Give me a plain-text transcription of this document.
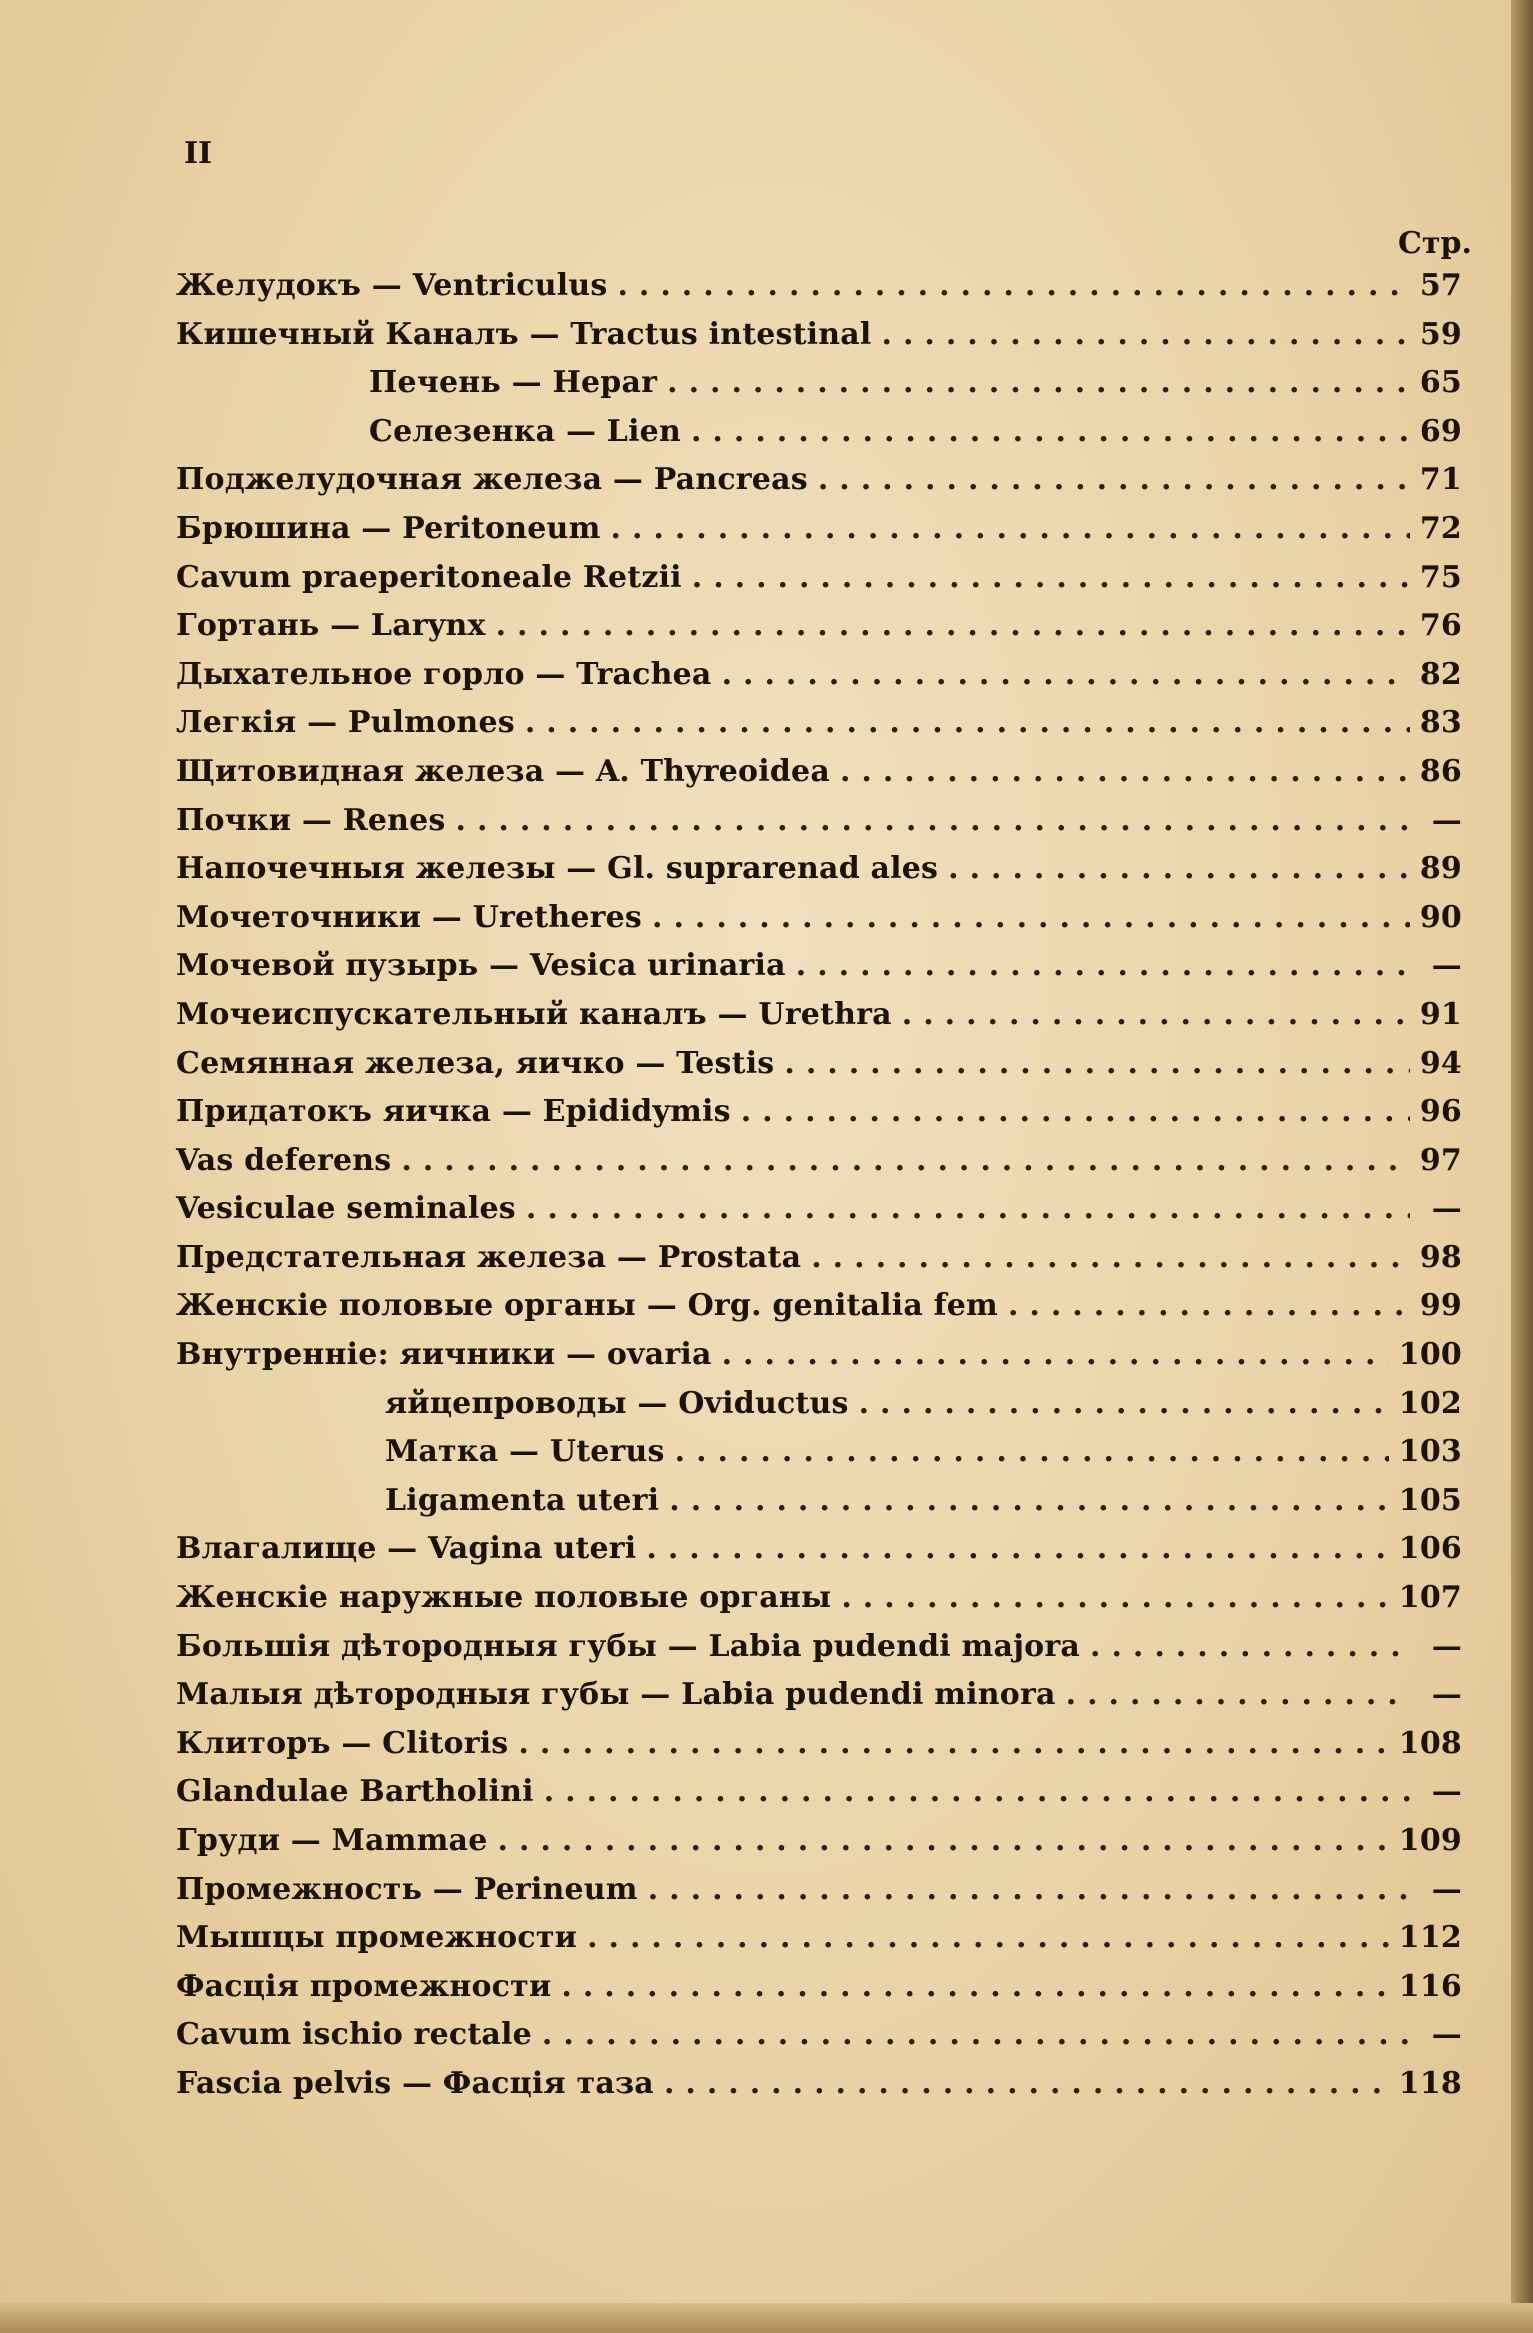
II
Стр.
Желудокъ — Ventriculus .....	57
Кишечный Каналъ — Tractus intestinal .....	59
Печень — Hepar .....	65
Селезенка — Lien .....	69
Поджелудочная железа — Pancreas .....	71
Брюшина — Peritoneum .....	72
Cavum praeperitoneale Retzii .....	75
Гортань — Larynx .....	76
Дыхательное горло — Trachea .....	82
Легкія — Pulmones .....	83
Щитовидная железа — A. Thyreoidea .....	86
Почки — Renes .....	—
Напочечныя железы — Gl. suprarenad ales .....	89
Мочеточники — Uretheres .....	90
Мочевой пузырь — Vesica urinaria .....	—
Мочеиспускательный каналъ — Urethra .....	91
Семянная железа, яичко — Testis .....	94
Придатокъ яичка — Epididymis .....	96
Vas deferens .....	97
Vesiculae seminales .....	—
Предстательная железа — Prostata .....	98
Женскіе половые органы — Org. genitalia fem .....	99
Внутренніе: яичники — ovaria .....	100
яйцепроводы — Oviductus .....	102
Матка — Uterus .....	103
Ligamenta uteri .....	105
Влагалище — Vagina uteri .....	106
Женскіе наружные половые органы .....	107
Большія дѣтородныя губы — Labia pudendi majora .....	—
Малыя дѣтородныя губы — Labia pudendi minora .....	—
Клиторъ — Clitoris .....	108
Glandulae Bartholini .....	—
Груди — Mammae .....	109
Промежность — Perineum .....	—
Мышцы промежности .....	112
Фасція промежности .....	116
Cavum ischio rectale .....	—
Fascia pelvis — Фасція таза .....	118
